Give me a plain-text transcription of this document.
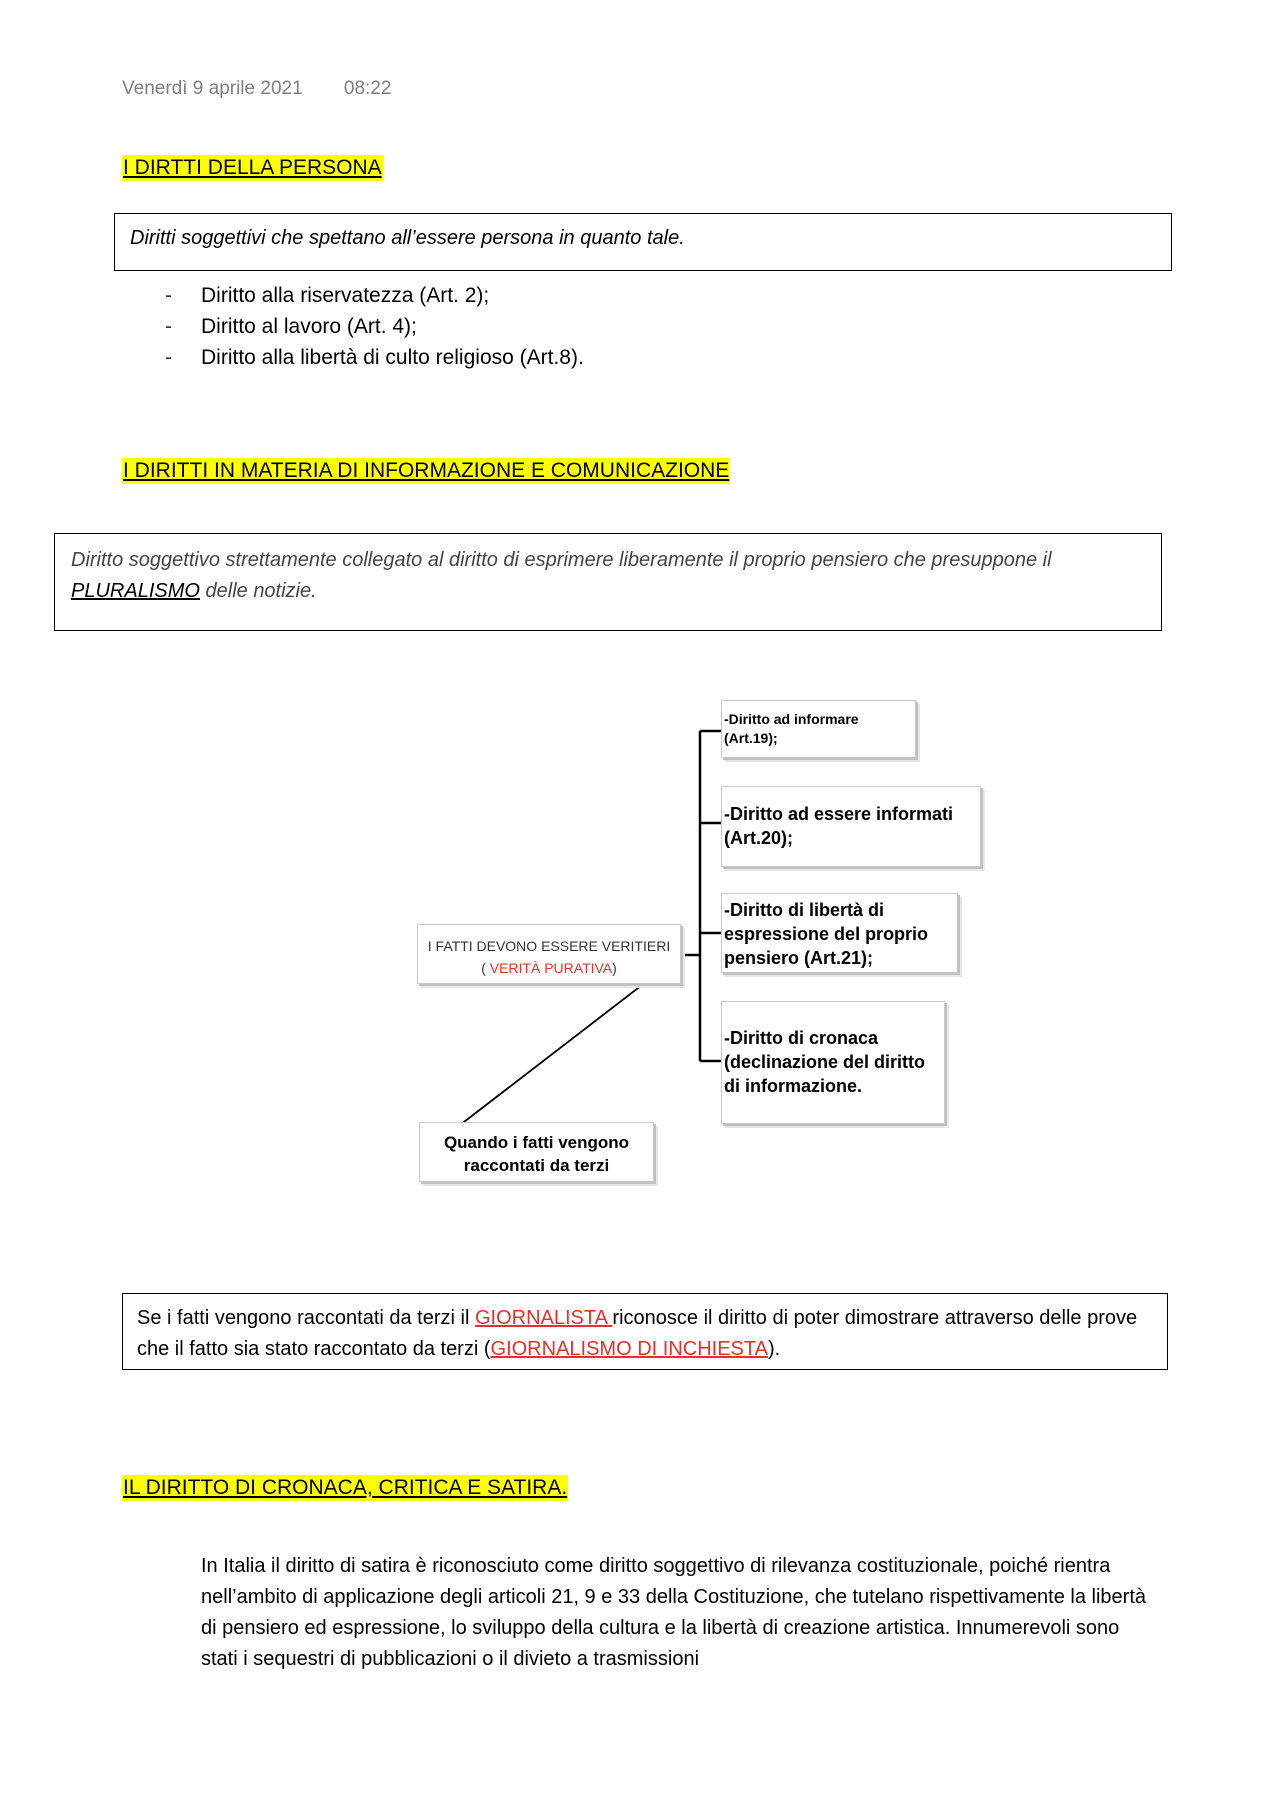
Venerdì 9 aprile 2021 08:22
I DIRTTI DELLA PERSONA
Diritti soggettivi che spettano all’essere persona in quanto tale.
- Diritto alla riservatezza (Art. 2);
- Diritto al lavoro (Art. 4);
- Diritto alla libertà di culto religioso (Art.8).
I DIRITTI IN MATERIA DI INFORMAZIONE E COMUNICAZIONE
Diritto soggettivo strettamente collegato al diritto di esprimere liberamente il proprio pensiero che presuppone il PLURALISMO delle notizie.
I FATTI DEVONO ESSERE VERITIERI
( VERITÀ PURATIVA)
-Diritto ad informare (Art.19);
-Diritto ad essere informati (Art.20);
-Diritto di libertà di espressione del proprio pensiero (Art.21);
-Diritto di cronaca (declinazione del diritto di informazione.
Quando i fatti vengono raccontati da terzi
Se i fatti vengono raccontati da terzi il GIORNALISTA riconosce il diritto di poter dimostrare attraverso delle prove che il fatto sia stato raccontato da terzi (GIORNALISMO DI INCHIESTA).
IL DIRITTO DI CRONACA, CRITICA E SATIRA.
In Italia il diritto di satira è riconosciuto come diritto soggettivo di rilevanza costituzionale, poiché rientra nell’ambito di applicazione degli articoli 21, 9 e 33 della Costituzione, che tutelano rispettivamente la libertà di pensiero ed espressione, lo sviluppo della cultura e la libertà di creazione artistica. Innumerevoli sono stati i sequestri di pubblicazioni o il divieto a trasmissioni
